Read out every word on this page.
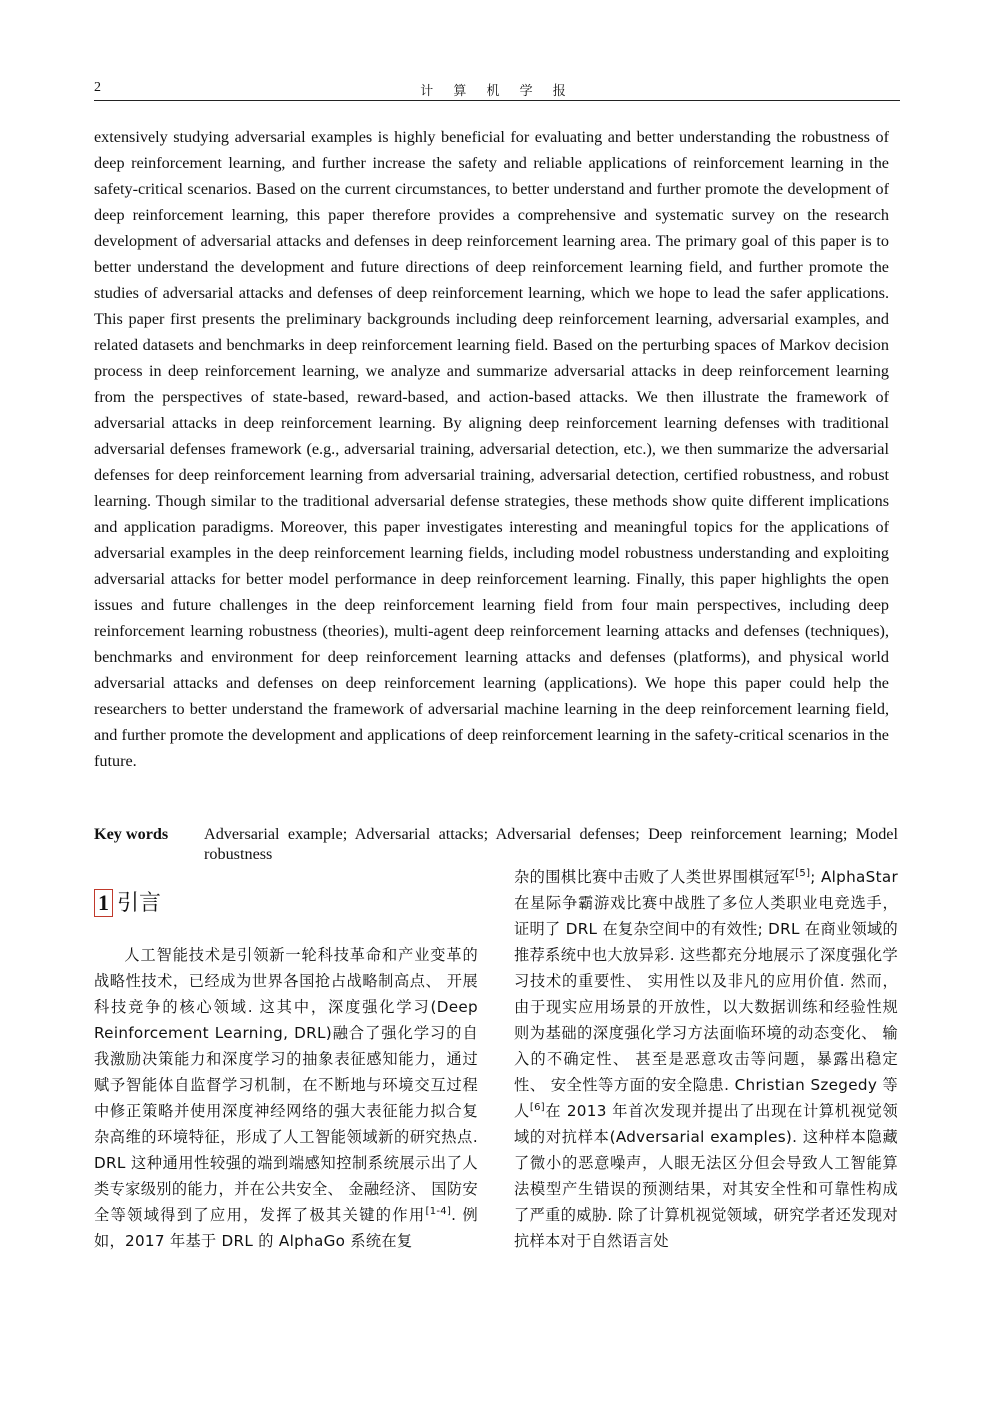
2	计 算 机 学 报

extensively studying adversarial examples is highly beneficial for evaluating and better understanding the robustness of deep reinforcement learning, and further increase the safety and reliable applications of reinforcement learning in the safety-critical scenarios. Based on the current circumstances, to better understand and further promote the development of deep reinforcement learning, this paper therefore provides a comprehensive and systematic survey on the research development of adversarial attacks and defenses in deep reinforcement learning area. The primary goal of this paper is to better understand the development and future directions of deep reinforcement learning field, and further promote the studies of adversarial attacks and defenses of deep reinforcement learning, which we hope to lead the safer applications. This paper first presents the preliminary backgrounds including deep reinforcement learning, adversarial examples, and related datasets and benchmarks in deep reinforcement learning field. Based on the perturbing spaces of Markov decision process in deep reinforcement learning, we analyze and summarize adversarial attacks in deep reinforcement learning from the perspectives of state-based, reward-based, and action-based attacks. We then illustrate the framework of adversarial attacks in deep reinforcement learning. By aligning deep reinforcement learning defenses with traditional adversarial defenses framework (e.g., adversarial training, adversarial detection, etc.), we then summarize the adversarial defenses for deep reinforcement learning from adversarial training, adversarial detection, certified robustness, and robust learning. Though similar to the traditional adversarial defense strategies, these methods show quite different implications and application paradigms. Moreover, this paper investigates interesting and meaningful topics for the applications of adversarial examples in the deep reinforcement learning fields, including model robustness understanding and exploiting adversarial attacks for better model performance in deep reinforcement learning. Finally, this paper highlights the open issues and future challenges in the deep reinforcement learning field from four main perspectives, including deep reinforcement learning robustness (theories), multi-agent deep reinforcement learning attacks and defenses (techniques), benchmarks and environment for deep reinforcement learning attacks and defenses (platforms), and physical world adversarial attacks and defenses on deep reinforcement learning (applications). We hope this paper could help the researchers to better understand the framework of adversarial machine learning in the deep reinforcement learning field, and further promote the development and applications of deep reinforcement learning in the safety-critical scenarios in the future.

Key words Adversarial example; Adversarial attacks; Adversarial defenses; Deep reinforcement learning; Model robustness
1 引言

人工智能技术是引领新一轮科技革命和产业变革的战略性技术，已经成为世界各国抢占战略制高点、 开展科技竞争的核心领域. 这其中，深度强化学习(Deep Reinforcement Learning, DRL)融合了强化学习的自我激励决策能力和深度学习的抽象表征感知能力，通过赋予智能体自监督学习机制，在不断地与环境交互过程中修正策略并使用深度神经网络的强大表征能力拟合复杂高维的环境特征，形成了人工智能领域新的研究热点. DRL 这种通用性较强的端到端感知控制系统展示出了人类专家级别的能力，并在公共安全、 金融经济、 国防安全等领域得到了应用，发挥了极其关键的作用[1-4]. 例如，2017 年基于 DRL 的 AlphaGo 系统在复

杂的围棋比赛中击败了人类世界围棋冠军[5]; AlphaStar 在星际争霸游戏比赛中战胜了多位人类职业电竞选手，证明了 DRL 在复杂空间中的有效性; DRL 在商业领域的推荐系统中也大放异彩. 这些都充分地展示了深度强化学习技术的重要性、 实用性以及非凡的应用价值. 然而，由于现实应用场景的开放性，以大数据训练和经验性规则为基础的深度强化学习方法面临环境的动态变化、 输入的不确定性、 甚至是恶意攻击等问题，暴露出稳定性、 安全性等方面的安全隐患. Christian Szegedy 等人[6]在 2013 年首次发现并提出了出现在计算机视觉领域的对抗样本(Adversarial examples). 这种样本隐藏了微小的恶意噪声，人眼无法区分但会导致人工智能算法模型产生错误的预测结果，对其安全性和可靠性构成了严重的威胁. 除了计算机视觉领域，研究学者还发现对抗样本对于自然语言处
